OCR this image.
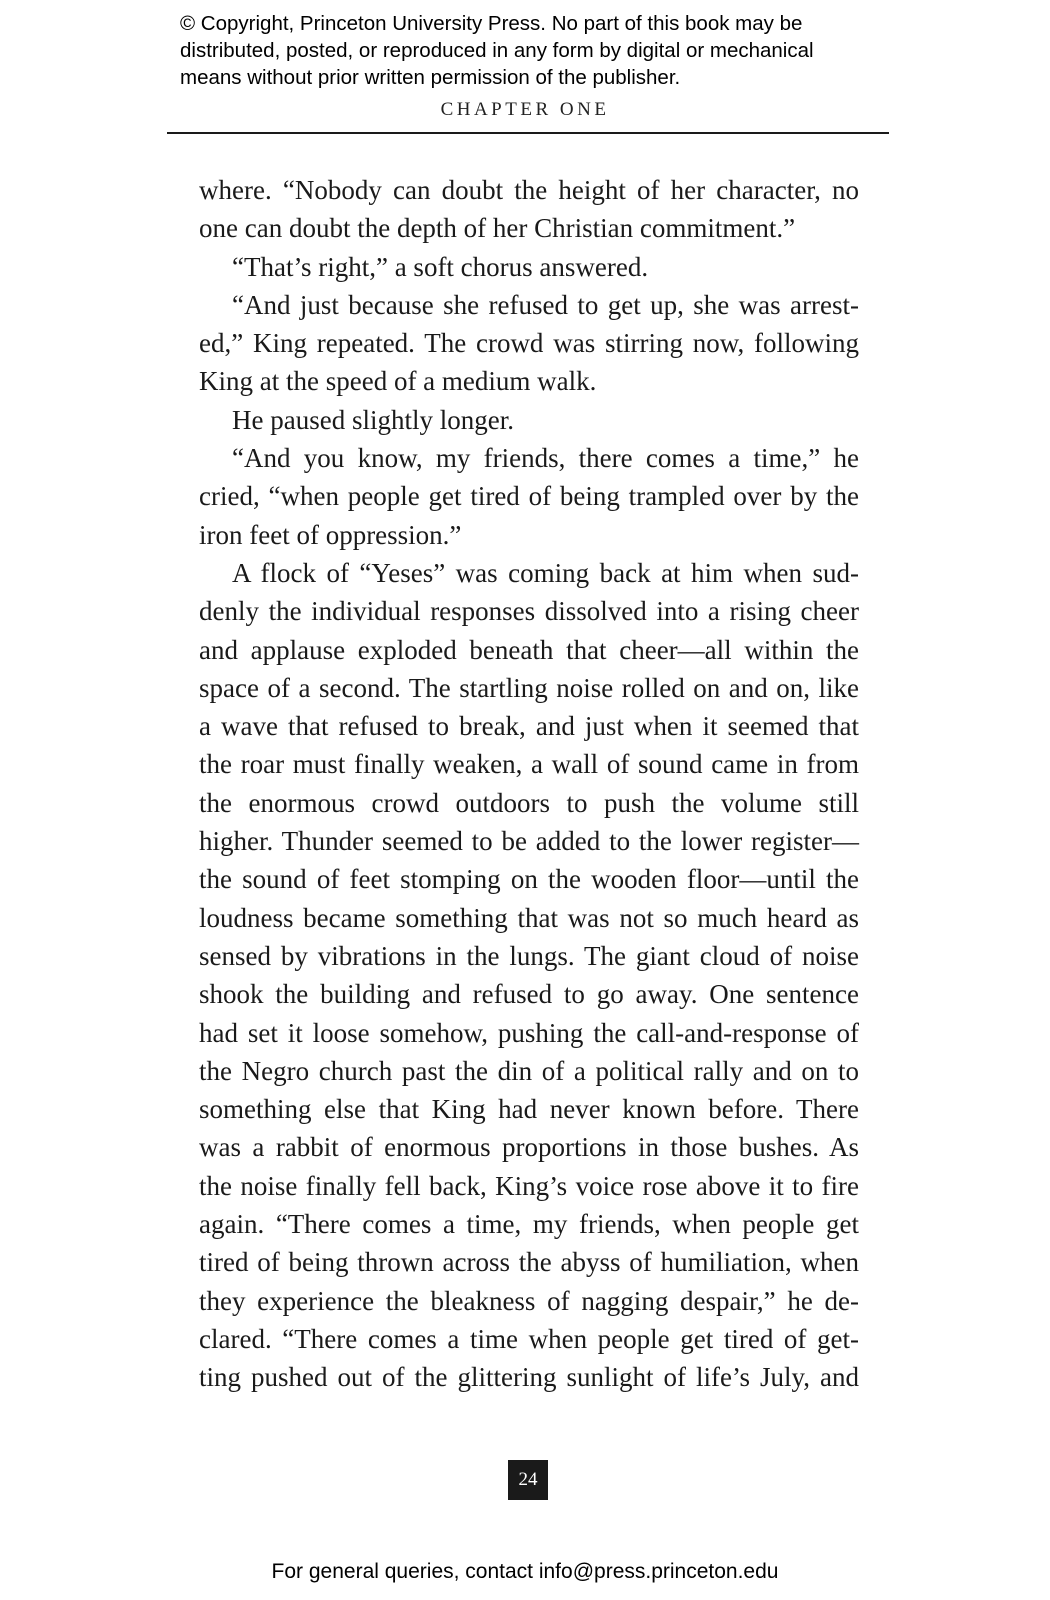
© Copyright, Princeton University Press. No part of this book may be
distributed, posted, or reproduced in any form by digital or mechanical
means without prior written permission of the publisher.
CHAPTER ONE
where. “Nobody can doubt the height of her character, no
one can doubt the depth of her Christian commitment.”
“That’s right,” a soft chorus answered.
“And just because she refused to get up, she was arrest-
ed,” King repeated. The crowd was stirring now, following
King at the speed of a medium walk.
He paused slightly longer.
“And you know, my friends, there comes a time,” he
cried, “when people get tired of being trampled over by the
iron feet of oppression.”
A flock of “Yeses” was coming back at him when sud-
denly the individual responses dissolved into a rising cheer
and applause exploded beneath that cheer—all within the
space of a second. The startling noise rolled on and on, like
a wave that refused to break, and just when it seemed that
the roar must finally weaken, a wall of sound came in from
the enormous crowd outdoors to push the volume still
higher. Thunder seemed to be added to the lower register—
the sound of feet stomping on the wooden floor—until the
loudness became something that was not so much heard as
sensed by vibrations in the lungs. The giant cloud of noise
shook the building and refused to go away. One sentence
had set it loose somehow, pushing the call-and-response of
the Negro church past the din of a political rally and on to
something else that King had never known before. There
was a rabbit of enormous proportions in those bushes. As
the noise finally fell back, King’s voice rose above it to fire
again. “There comes a time, my friends, when people get
tired of being thrown across the abyss of humiliation, when
they experience the bleakness of nagging despair,” he de-
clared. “There comes a time when people get tired of get-
ting pushed out of the glittering sunlight of life’s July, and
24
For general queries, contact info@press.princeton.edu
